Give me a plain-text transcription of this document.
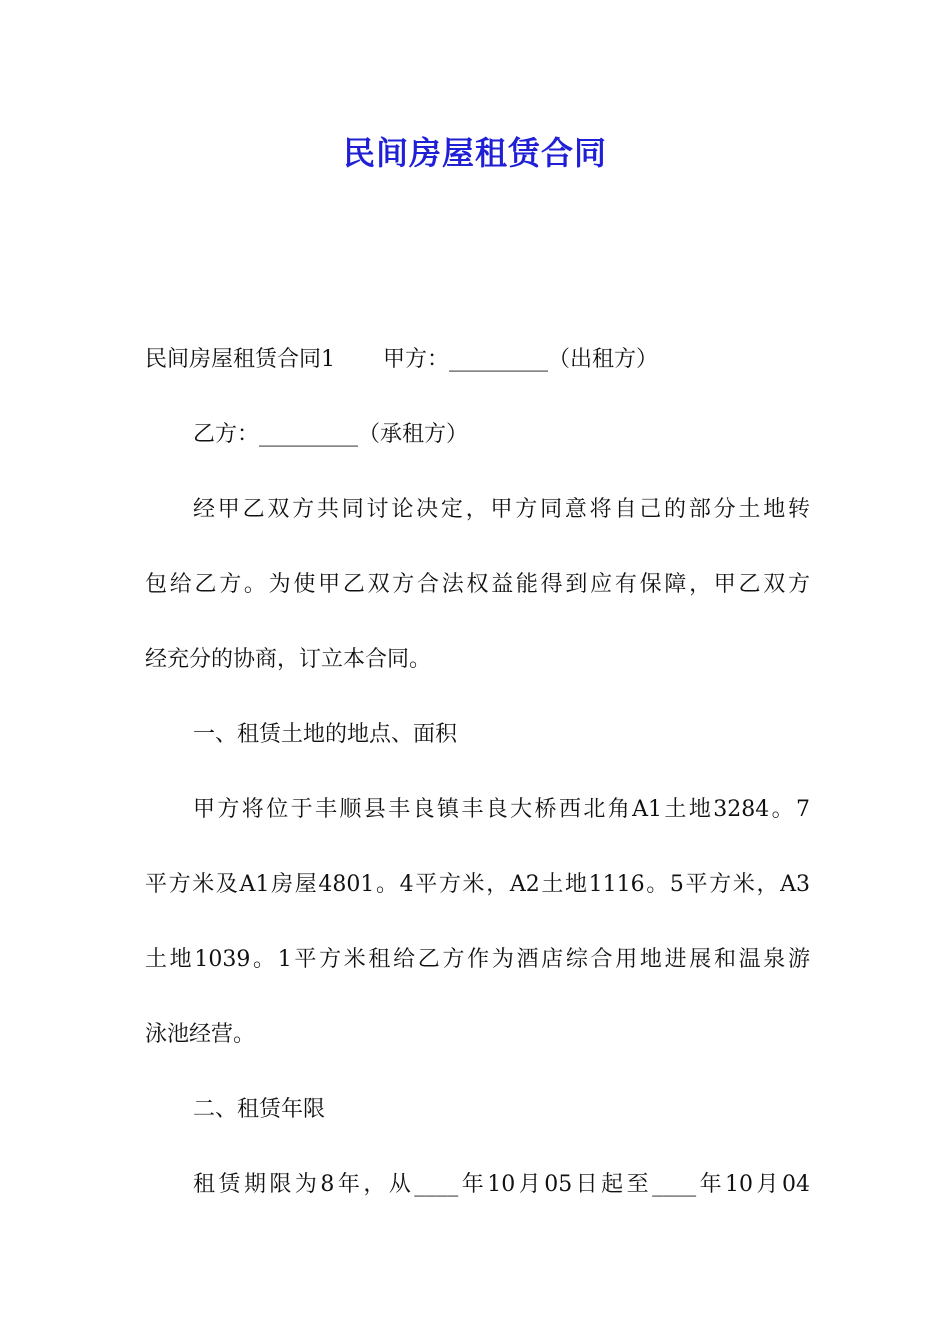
民间房屋租赁合同

民间房屋租赁合同1 甲方：_________（出租方）

乙方：_________（承租方）

经甲乙双方共同讨论决定，甲方同意将自己的部分土地转

包给乙方。为使甲乙双方合法权益能得到应有保障，甲乙双方

经充分的协商，订立本合同。

一、租赁土地的地点、面积

甲方将位于丰顺县丰良镇丰良大桥西北角A1土地3284。7

平方米及A1房屋4801。4平方米，A2土地1116。5平方米，A3

土地1039。1平方米租给乙方作为酒店综合用地进展和温泉游

泳池经营。

二、租赁年限

租赁期限为8年，从____年10月05日起至____年10月04
